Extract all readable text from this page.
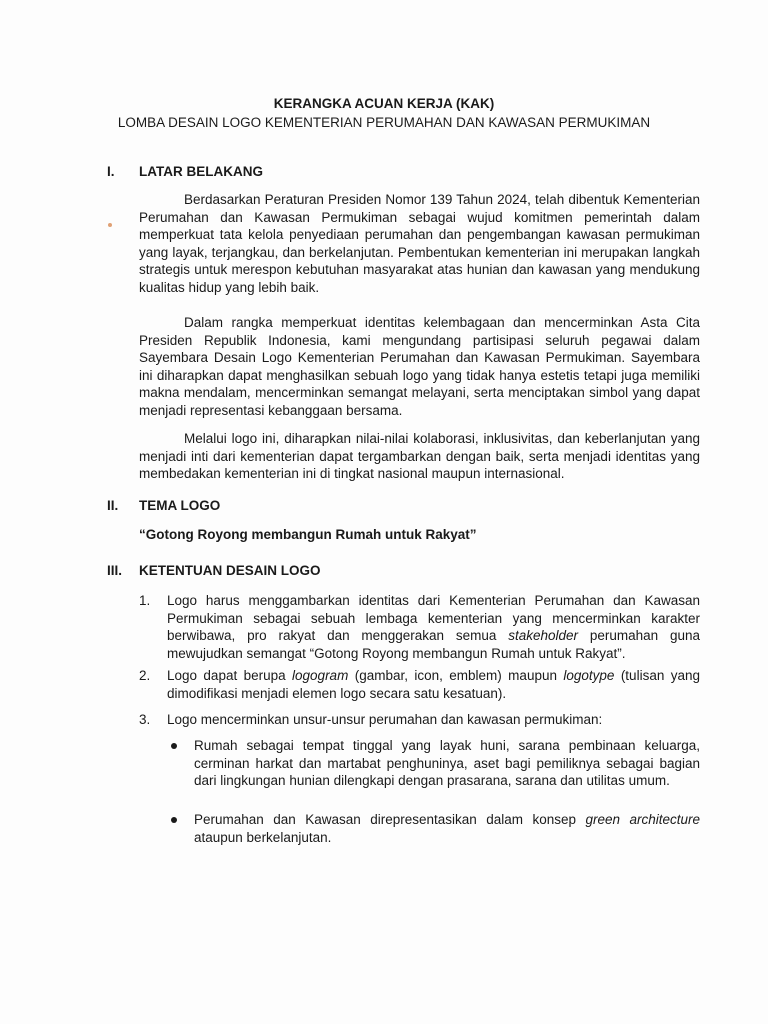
KERANGKA ACUAN KERJA (KAK)
LOMBA DESAIN LOGO KEMENTERIAN PERUMAHAN DAN KAWASAN PERMUKIMAN
I. LATAR BELAKANG

Berdasarkan Peraturan Presiden Nomor 139 Tahun 2024, telah dibentuk Kementerian Perumahan dan Kawasan Permukiman sebagai wujud komitmen pemerintah dalam memperkuat tata kelola penyediaan perumahan dan pengembangan kawasan permukiman yang layak, terjangkau, dan berkelanjutan. Pembentukan kementerian ini merupakan langkah strategis untuk merespon kebutuhan masyarakat atas hunian dan kawasan yang mendukung kualitas hidup yang lebih baik.

Dalam rangka memperkuat identitas kelembagaan dan mencerminkan Asta Cita Presiden Republik Indonesia, kami mengundang partisipasi seluruh pegawai dalam Sayembara Desain Logo Kementerian Perumahan dan Kawasan Permukiman. Sayembara ini diharapkan dapat menghasilkan sebuah logo yang tidak hanya estetis tetapi juga memiliki makna mendalam, mencerminkan semangat melayani, serta menciptakan simbol yang dapat menjadi representasi kebanggaan bersama.

Melalui logo ini, diharapkan nilai-nilai kolaborasi, inklusivitas, dan keberlanjutan yang menjadi inti dari kementerian dapat tergambarkan dengan baik, serta menjadi identitas yang membedakan kementerian ini di tingkat nasional maupun internasional.

II. TEMA LOGO
“Gotong Royong membangun Rumah untuk Rakyat”
III. KETENTUAN DESAIN LOGO
1.	Logo harus menggambarkan identitas dari Kementerian Perumahan dan Kawasan Permukiman sebagai sebuah lembaga kementerian yang mencerminkan karakter berwibawa, pro rakyat dan menggerakan semua stakeholder perumahan guna mewujudkan semangat “Gotong Royong membangun Rumah untuk Rakyat”.
2.	Logo dapat berupa logogram (gambar, icon, emblem) maupun logotype (tulisan yang dimodifikasi menjadi elemen logo secara satu kesatuan).
3.	Logo mencerminkan unsur-unsur perumahan dan kawasan permukiman:
Rumah sebagai tempat tinggal yang layak huni, sarana pembinaan keluarga, cerminan harkat dan martabat penghuninya, aset bagi pemiliknya sebagai bagian dari lingkungan hunian dilengkapi dengan prasarana, sarana dan utilitas umum.
Perumahan dan Kawasan direpresentasikan dalam konsep green architecture ataupun berkelanjutan.
